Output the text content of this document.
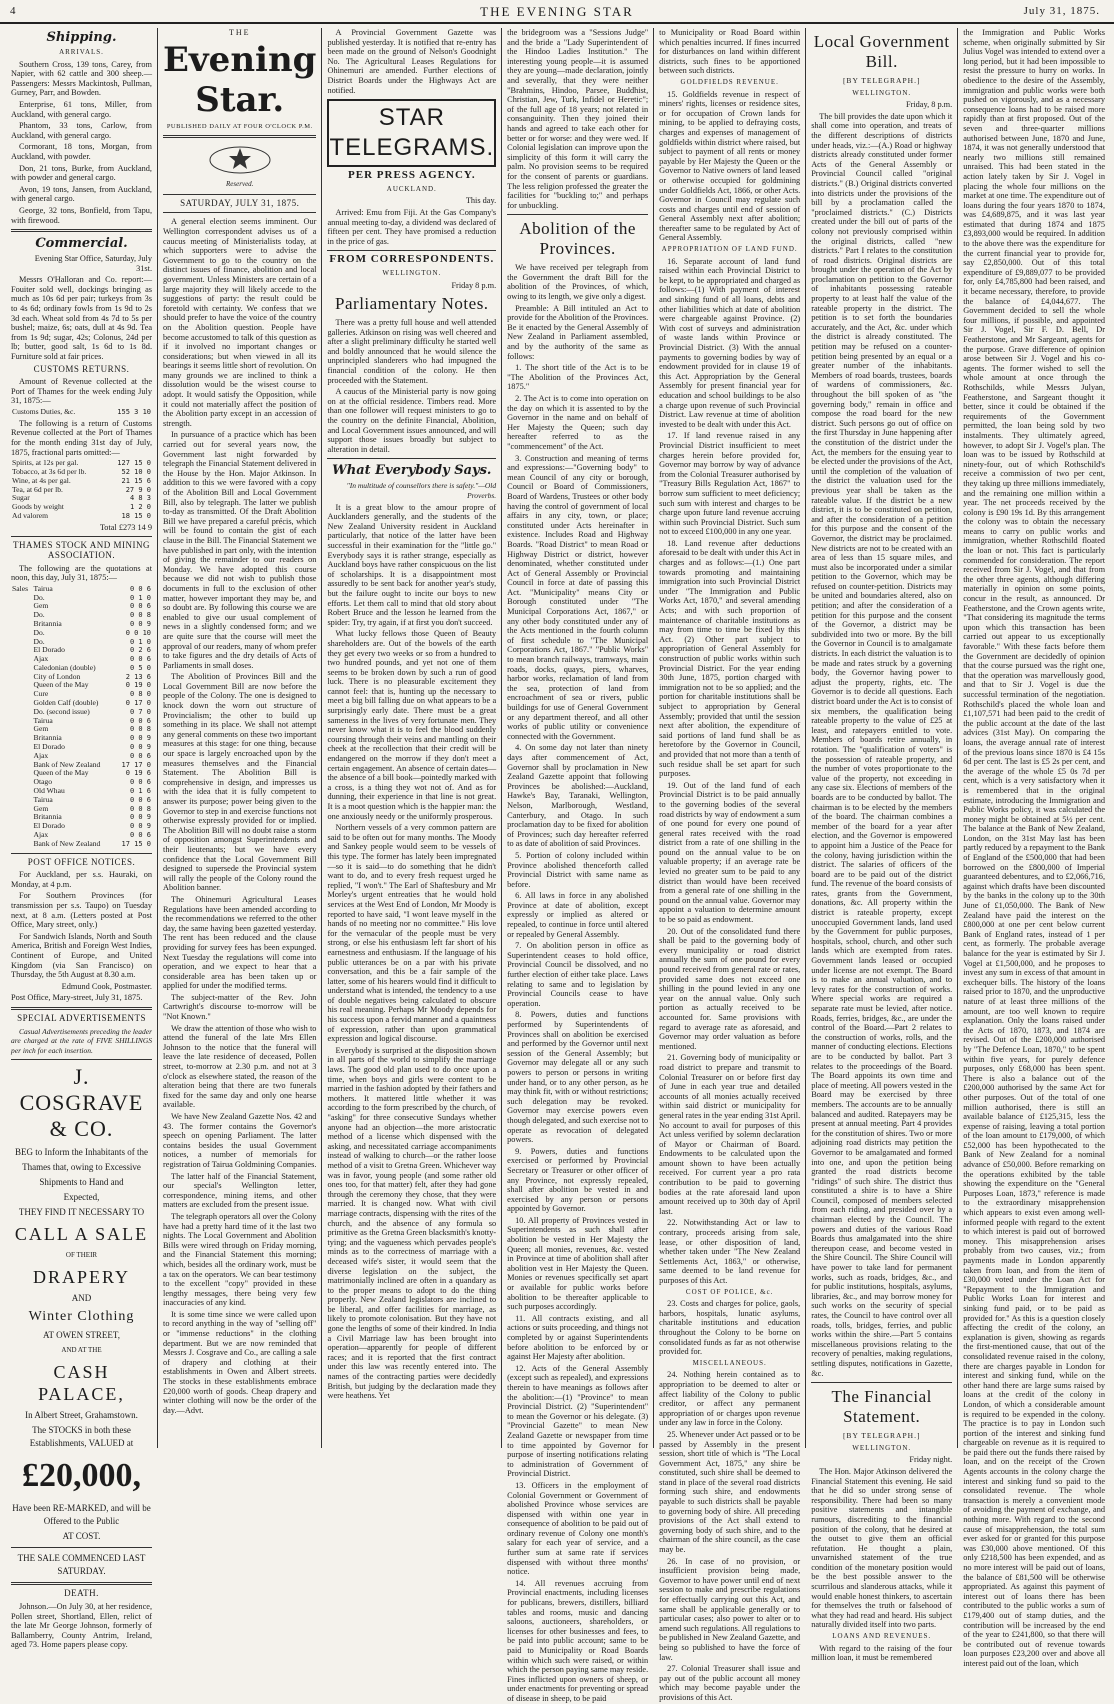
4	THE EVENING STAR	July 31, 1875.
Shipping.
ARRIVALS.

Southern Cross, 139 tons, Carey, from Napier, with 62 cattle and 300 sheep.—Passengers: Messrs Mackintosh, Pullman, Gurney, Parr, and Bowden.

Enterprise, 61 tons, Miller, from Auckland, with general cargo.

Phantom, 33 tons, Carlow, from Auckland, with general cargo.

Cormorant, 18 tons, Morgan, from Auckland, with powder.

Don, 21 tons, Burke, from Auckland, with powder and general cargo.

Avon, 19 tons, Jansen, from Auckland, with general cargo.

George, 32 tons, Bonfield, from Tapu, with firewood.

Commercial.

Evening Star Office, Saturday, July 31st.

Messrs O'Halloran and Co. report:—Fouiter sold well, dockings bringing as much as 10s 6d per pair; turkeys from 3s to 4s 6d; ordinary fowls from 1s 9d to 2s 3d each. Wheat sold from 4s 7d to 5s per bushel; maize, 6s; oats, dull at 4s 9d. Tea from 1s 9d; sugar, 42s; Colonus, 24d per lb; butter, good salt, 1s 6d to 1s 8d. Furniture sold at fair prices.

CUSTOMS RETURNS.

Amount of Revenue collected at the Port of Thames for the week ending July 31, 1875:—

Customs Duties, &c.	155 3 10

The following is a return of Customs Revenue collected at the Port of Thames for the month ending 31st day of July, 1875, fractional parts omitted:—

Spirits, at 12s per gal.	127 15 0
Tobacco, at 3s 6d per lb.	52 10 0
Wine, at 4s per gal.	21 15 6
Tea, at 6d per lb.	27 9 0
Sugar	4 8 3
Goods by weight	1 2 0
Ad valorem	18 15 0

Total £273 14 9

THAMES STOCK AND MINING ASSOCIATION.

The following are the quotations at noon, this day, July 31, 1875:—

Sales	Tairua	0 0 6
	Do.	0 1 0
	Gem	0 0 6
	Do.	0 0 8
	Britannia	0 0 9
	Do.	0 0 10
	Do.	0 1 0
	El Dorado	0 2 6
	Ajax	0 0 6
	Caledonian (double)	0 5 0
	City of London	2 13 6
	Queen of the May	0 19 0
	Cure	0 8 0
	Golden Calf (double)	0 17 0
	Do. (second issue)	0 7 0
	Tairua	0 0 6
	Gem	0 0 8
	Britannia	0 0 9
	El Dorado	0 0 9
	Ajax	0 0 6
	Bank of New Zealand	17 17 0
	Queen of the May	0 19 6
	Otago	0 0 6
	Old Whau	0 1 6
	Tairua	0 0 6
	Gem	0 0 8
	Britannia	0 0 9
	El Dorado	0 0 9
	Ajax	0 0 6
	Bank of New Zealand	17 15 0
POST OFFICE NOTICES.

For Auckland, per s.s. Hauraki, on Monday, at 4 p.m.

For Southern Provinces (for transmission per s.s. Taupo) on Tuesday next, at 8 a.m. (Letters posted at Post Office, Mary street, only.)

For Sandwich Islands, North and South America, British and Foreign West Indies, Continent of Europe, and United Kingdom (via San Francisco) on Thursday, the 5th August at 8.30 a.m.

Edmund Cook, Postmaster.

Post Office, Mary-street, July 31, 1875.

SPECIAL ADVERTISEMENTS

Casual Advertisements preceding the leader are charged at the rate of FIVE SHILLINGS per inch for each insertion.

J. COSGRAVE & CO.

BEG to Inform the Inhabitants of the

Thames that, owing to Excessive

Shipments to Hand and

Expected,

THEY FIND IT NECESSARY TO

CALL A SALE

OF THEIR

DRAPERY

AND

Winter Clothing

AT OWEN STREET,

AND AT THE

CASH PALACE,

In Albert Street, Grahamstown.

The STOCKS in both these Establishments, VALUED at

£20,000,

Have been RE-MARKED, and will be Offered to the Public

AT COST.

THE SALE COMMENCED LAST SATURDAY.

DEATH.

Johnson.—On July 30, at her residence, Pollen street, Shortland, Ellen, relict of the late Mr George Johnson, formerly of Ballamberry, County Antrim, Ireland, aged 73. Home papers please copy.

THE
Evening Star.
PUBLISHED DAILY AT FOUR O'CLOCK P.M.
Reserved.
SATURDAY, JULY 31, 1875.

A general election seems imminent. Our Wellington correspondent advises us of a caucus meeting of Ministerialists today, at which supporters were to advise the Government to go to the country on the distinct issues of finance, abolition and local government. Unless Ministers are certain of a large majority they will likely accede to the suggestions of party: the result could be foretold with certainty. We confess that we should prefer to have the voice of the country on the Abolition question. People have become accustomed to talk of this question as if it involved no important changes or considerations; but when viewed in all its bearings it seems little short of revolution. On many grounds we are inclined to think a dissolution would be the wisest course to adopt. It would satisfy the Opposition, while it could not materially affect the position of the Abolition party except in an accession of strength.

In pursuance of a practice which has been carried out for several years now, the Government last night forwarded by telegraph the Financial Statement delivered in the House by the Hon. Major Atkinson. In addition to this we were favored with a copy of the Abolition Bill and Local Government Bill, also by telegraph. The latter we publish to-day as transmitted. Of the Draft Abolition Bill we have prepared a careful précis, which will be found to contain the gist of each clause in the Bill. The Financial Statement we have published in part only, with the intention of giving the remainder to our readers on Monday. We have adopted this course because we did not wish to publish those documents in full to the exclusion of other matter, however important they may be, and so doubt are. By following this course we are enabled to give our usual complement of news in a slightly condensed form; and we are quite sure that the course will meet the approval of our readers, many of whom prefer to take figures and the dry details of Acts of Parliaments in small doses.

The Abolition of Provinces Bill and the Local Government Bill are now before the people of the Colony. The one is designed to knock down the worn out structure of Provincialism; the other to build up something in its place. We shall not attempt any general comments on these two important measures at this stage: for one thing, because our space is largely encroached upon by the measures themselves and the Financial Statement. The Abolition Bill is comprehensive in design, and impresses us with the idea that it is fully competent to answer its purpose; power being given to the Governor to step in and exercise functions not otherwise expressly provided for or implied. The Abolition Bill will no doubt raise a storm of opposition amongst Superintendents and their lieutenants; but we have every confidence that the Local Government Bill designed to supersede the Provincial system will rally the people of the Colony round the Abolition banner.

The Ohinemuri Agricultural Leases Regulations have been amended according to the recommendations we referred to the other day, the same having been gazetted yesterday. The rent has been reduced and the clause providing for survey fees has been expunged. Next Tuesday the regulations will come into operation, and we expect to hear that a considerable area has been taken up or applied for under the modified terms.

The subject-matter of the Rev. John Cartwright's discourse to-morrow will be "Not Known."

We draw the attention of those who wish to attend the funeral of the late Mrs Ellen Johnson to the notice that the funeral will leave the late residence of deceased, Pollen street, to-morrow at 2.30 p.m. and not at 3 o'clock as elsewhere stated, the reason of the alteration being that there are two funerals fixed for the same day and only one hearse available.

We have New Zealand Gazette Nos. 42 and 43. The former contains the Governor's speech on opening Parliament. The latter contains besides the usual Government notices, a number of memorials for registration of Tairua Goldmining Companies.

The latter half of the Financial Statement, our special's Wellington letter, correspondence, mining items, and other matters are excluded from the present issue.

The telegraph operators all over the Colony have had a pretty hard time of it the last two nights. The Local Government and Abolition Bills were wired through on Friday morning, and the Financial Statement this morning; which, besides all the ordinary work, must be a tax on the operators. We can bear testimony to the excellent "copy" provided in these lengthy messages, there being very few inaccuracies of any kind.

It is some time since we were called upon to record anything in the way of "selling off" or "immense reductions" in the clothing department. But we are now reminded that Messrs J. Cosgrave and Co., are calling a sale of drapery and clothing at their establishments in Owen and Albert streets. The stocks in these establishments embrace £20,000 worth of goods. Cheap drapery and winter clothing will now be the order of the day.—Advt.

A Provincial Government Gazette was published yesterday. It is notified that re-entry has been made on the ground of Nelson's Goodnight No. The Agricultural Leases Regulations for Ohinemuri are amended. Further elections of District Boards under the Highways Act are notified.

STAR TELEGRAMS.
PER PRESS AGENCY.
AUCKLAND.

This day.

Arrived: Emu from Fiji. At the Gas Company's annual meeting to-day, a dividend was declared of fifteen per cent. They have promised a reduction in the price of gas.

FROM CORRESPONDENTS.
WELLINGTON.

Friday 8 p.m.

Parliamentary Notes.

There was a pretty full house and well attended galleries. Atkinson on rising was well cheered and after a slight preliminary difficulty he started well and boldly announced that he would silence the unprincipled slanderers who had impugned the financial condition of the colony. He then proceeded with the Statement.

A caucus of the Ministerial party is now going on at the official residence. Timbers read. More than one follower will request ministers to go to the country on the definite Financial, Abolition, and Local Government issues announced, and will support those issues broadly but subject to alteration in detail.

What Everybody Says.

"In multitude of counsellors there is safety."—Old Proverbs.

It is a great blow to the amour propre of Aucklanders generally, and the students of the New Zealand University resident in Auckland particularly, that notice of the latter have been successful in their examination for the "little go." Everybody says it is rather strange, especially as Auckland boys have rather conspicuous on the list of scholarships. It is a disappointment most assuredly to be sent back for another year's study, but the failure ought to incite our boys to new efforts. Let them call to mind that old story about Robert Bruce and the lesson he learned from the spider: Try, try again, if at first you don't succeed.

What lucky fellows those Queen of Beauty shareholders are. Out of the bowels of the earth they get every two weeks or so from a hundred to two hundred pounds, and yet not one of them seems to be broken down by such a run of good luck. There is no pleasurable excitement they cannot feel: that is, hunting up the necessary to meet a big bill falling due on what appears to be a surprisingly early date. There must be a great sameness in the lives of very fortunate men. They never know what it is to feel the blood suddenly coursing through their veins and mantling on their cheek at the recollection that their credit will be endangered on the morrow if they don't meet a certain engagement. An absence of certain dates—the absence of a bill book—pointedly marked with a cross, is a thing they wot not of. And as for dunning, their experience in that line is not great. It is a moot question which is the happier man: the one anxiously needy or the uniformly prosperous.

Northern vessels of a very common pattern are said to be often out for many months. The Moody and Sankey people would seem to be vessels of this type. The former has lately been impregnated—so it is said—to do something that he didn't want to do, and to every fresh request urged he replied, "I won't." The Earl of Shaftesbury and Mr Morley's urgent entreaties that he would hold services at the West End of London, Mr Moody is reported to have said, "I wont leave myself in the hands of no meeting nor no committee." His love for the vernacular of the people must be very strong, or else his enthusiasm left far short of his earnestness and enthusiasm. If the language of his public utterances be on a par with his private conversation, and this be a fair sample of the latter, some of his hearers would find it difficult to understand what is intended, the tendency to a use of double negatives being calculated to obscure his real meaning. Perhaps Mr Moody depends for his success upon a fervid manner and a quaintness of expression, rather than upon grammatical expression and logical discourse.

Everybody is surprised at the disposition shown in all parts of the world to simplify the marriage laws. The good old plan used to do once upon a time, when boys and girls were content to be married in the fashion adopted by their fathers and mothers. It mattered little whether it was according to the form prescribed by the church, of "asking" for three consecutive Sundays whether anyone had an objection—the more aristocratic method of a license which dispensed with the asking, and necessitated carriage accompaniments instead of walking to church—or the rather loose method of a visit to Gretna Green. Whichever way was in favor, young people (and some rather old ones too, for that matter) felt, after they had gone through the ceremony they chose, that they were married. It is changed now. What with civil marriage contracts, dispensing with the rites of the church, and the absence of any formula so primitive as the Gretna Green blacksmith's knotty-tying; and the vagueness which pervades people's minds as to the correctness of marriage with a deceased wife's sister, it would seem that the diverse legislation on the subject, the matrimonially inclined are often in a quandary as to the proper means to adopt to do the thing properly. New Zealand legislators are inclined to be liberal, and offer facilities for marriage, as likely to promote colonisation. But they have not gone the lengths of some of their kindred. In India a Civil Marriage law has been brought into operation—apparently for people of different races; and it is reported that the first contract under this law was recently entered into. The names of the contracting parties were decidedly British, but judging by the declaration made they were heathens. Yet

the bridegroom was a "Sessions Judge" and the bride a "Lady Superintendent of the Hindoo Ladies Institution." The interesting young people—it is assumed they are young—made declaration, jointly and severally, that they were neither "Brahmins, Hindoo, Parsee, Buddhist, Christian, Jew, Turk, Infidel or Heretic"; of the full age of 18 years; not related in consanguinity. Then they joined their hands and agreed to take each other for better or for worse: and they were wed. If Colonial legislation can improve upon the simplicity of this form it will carry the palm. No provision seems to be required for the consent of parents or guardians. The less religion professed the greater the facilities for "buckling to;" and perhaps for unbuckling.

Abolition of the Provinces.

We have received per telegraph from the Government the draft Bill for the abolition of the Provinces, of which, owing to its length, we give only a digest.

Preamble: A Bill intituled an Act to provide for the Abolition of the Provinces. Be it enacted by the General Assembly of New Zealand in Parliament assembled, and by the authority of the same as follows:

1. The short title of the Act is to be "The Abolition of the Provinces Act, 1875."

2. The Act is to come into operation on the day on which it is assented to by the Governor in the name and on behalf of Her Majesty the Queen; such day hereafter referred to as the "commencement" of the Act.

3. Construction and meaning of terms and expressions:—"Governing body" to mean Council of any city or borough, Council or Board of Commissioners, Board of Wardens, Trustees or other body having the control of government of local affairs in any city, town, or place; constituted under Acts hereinafter in existence. Includes Road and Highway Boards. "Road District" to mean Road or Highway District or district, however denominated, whether constituted under Act of General Assembly or Provincial Council in force at date of passing this Act. "Municipality" means City or Borough constituted under "The Municipal Corporations Act, 1867," or any other body constituted under any of the Acts mentioned in the fourth column of first schedule to "The Municipal Corporations Act, 1867." "Public Works" to mean branch railways, tramways, main roads, docks, quays, piers, wharves, harbor works, reclamation of land from the sea, protection of land from encroachment of sea or rivers, public buildings for use of General Government or any department thereof, and all other works of public utility or convenience connected with the Government.

4. On some day not later than ninety days after commencement of Act, Governor shall by proclamation in New Zealand Gazette appoint that following Provinces be abolished:—Auckland, Hawke's Bay, Taranaki, Wellington, Nelson, Marlborough, Westland, Canterbury, and Otago. In such proclamation day to be fixed for abolition of Provinces; such day hereafter referred to as date of abolition of said Provinces.

5. Portion of colony included within Province abolished thenceforth called Provincial District with same name as before.

6. All laws in force in any abolished Province at date of abolition, except expressly or implied as altered or repealed, to continue in force until altered or repealed by General Assembly.

7. On abolition person in office as Superintendent ceases to hold office, Provincial Council be dissolved, and no further election of either take place. Laws relating to same and to legislation by Provincial Councils cease to have operation.

8. Powers, duties and functions performed by Superintendents of Provinces shall on abolition be exercised and performed by the Governor until next session of the General Assembly; but Governor may delegate all or any such powers to person or persons in writing under hand, or to any other person, as he may think fit, with or without restrictions; such delegation may be revoked. Governor may exercise powers even though delegated, and such exercise not to operate as revocation of delegated powers.

9. Powers, duties and functions exercised or performed by Provincial Secretary or Treasurer or other officer of any Province, not expressly repealed, shall after abolition be vested in and exercised by any person or persons appointed by Governor.

10. All property of Provinces vested in Superintendents as such shall after abolition be vested in Her Majesty the Queen; all monies, revenues, &c. vested in Province at time of abolition shall after abolition vest in Her Majesty the Queen. Monies or revenues specifically set apart or available for public works before abolition to be thereafter applicable to such purposes accordingly.

11. All contracts existing, and all actions or suits proceeding, and things not completed by or against Superintendents before abolition to be enforced by or against Her Majesty after abolition.

12. Acts of the General Assembly (except such as repealed), and expressions therein to have meanings as follows after the abolition:—(1) "Province" to mean Provincial District. (2) "Superintendent" to mean the Governor or his delegate. (3) "Provincial Gazette" to mean New Zealand Gazette or newspaper from time to time appointed by Governor for purpose of inserting notifications relating to administration of Government of Provincial District.

13. Officers in the employment of Colonial Government or Government of abolished Province whose services are dispensed with within one year in consequence of abolition to be paid out of ordinary revenue of Colony one month's salary for each year of service, and a further sum at same rate if services dispensed with without three months' notice.

14. All revenues accruing from Provincial enactments, including licenses for publicans, brewers, distillers, billiard tables and rooms, music and dancing saloons, auctioneers, shareholders, or licenses for other businesses and fees, to be paid into public account; same to be paid to Municipality or Road Boards within which such were raised, or within which the person paying same may reside. Fines inflicted upon owners of sheep, or under enactments for preventing or spread of disease in sheep, to be paid

to Municipality or Road Board within which penalties incurred. If fines incurred for disturbances on land within different districts, such fines to be apportioned between such districts.

GOLDFIELDS REVENUE.

15. Goldfields revenue in respect of miners' rights, licenses or residence sites, or for occupation of Crown lands for mining, to be applied to defraying costs, charges and expenses of management of goldfields within district where raised, but subject to payment of all rents or money payable by Her Majesty the Queen or the Governor to Native owners of land leased or otherwise occupied for goldmining under Goldfields Act, 1866, or other Acts. Governor in Council may regulate such costs and charges until end of session of General Assembly next after abolition; thereafter same to be regulated by Act of General Assembly.

APPROPRIATION OF LAND FUND.

16. Separate account of land fund raised within each Provincial District to be kept, to be appropriated and charged as follows:—(1) With payment of interest and sinking fund of all loans, debts and other liabilities which at date of abolition were chargeable against Province. (2) With cost of surveys and administration of waste lands within Province or Provincial District. (3) With the annual payments to governing bodies by way of endowment provided for in clause 19 of this Act. Appropriation by the General Assembly for present financial year for education and school buildings to be also a charge upon revenue of such Provincial District. Law revenue at time of abolition invested to be dealt with under this Act.

17. If land revenue raised in any Provincial District insufficient to meet charges herein before provided for, Governor may borrow by way of advance from the Colonial Treasurer authorised by "Treasury Bills Regulation Act, 1867" to borrow sum sufficient to meet deficiency; such sum with interest and charges to be charge upon future land revenue accruing within such Provincial District. Such sum not to exceed £100,000 in any one year.

18. Land revenue after deductions aforesaid to be dealt with under this Act in charges and as follows:—(1.) One part towards promoting and maintaining immigration into such Provincial District under "The Immigration and Public Works Act, 1870," and several amending Acts; and with such proportion of maintenance of charitable institutions as may from time to time be fixed by this Act. (2) Other part subject to appropriation of General Assembly for construction of public works within such Provincial District. For the year ending 30th June, 1875, portion charged with immigration not to be so applied; and the portion for charitable institutions shall be subject to appropriation by General Assembly; provided that until the session next after abolition, the expenditure of said portions of land fund shall be as heretofore by the Governor in Council, and provided that not more than a tenth of such residue shall be set apart for such purposes.

19. Out of the land fund of each Provincial District is to be paid annually to the governing bodies of the several road districts by way of endowment a sum of one pound for every one pound of general rates received with the road district from a rate of one shilling in the pound on the annual value to be on valuable property; if an average rate be levied no greater sum to be paid to any district than would have been received from a general rate of one shilling in the pound on the annual value. Governor may appoint a valuation to determine amount to be so paid as endowment.

20. Out of the consolidated fund there shall be paid to the governing body of every municipality or road district annually the sum of one pound for every pound received from general rate or rates, provided same does not exceed one shilling in the pound levied in any one year on the annual value. Only such portion as actually received to be accounted for. Same provisions with regard to average rate as aforesaid, and Governor may order valuation as before mentioned.

21. Governing body of municipality or road district to prepare and transmit to Colonial Treasurer on or before first day of June in each year true and detailed accounts of all monies actually received within said district or municipality for general rates in the year ending 31st April. No account to avail for purposes of this Act unless verified by solemn declaration of Mayor or Chairman of Board. Endowments to be calculated upon the amount shown to have been actually received. For current year a pro rata contribution to be paid to governing bodies at the rate aforesaid land upon amount received up to 30th day of April last.

22. Notwithstanding Act or law to contrary, proceeds arising from sale, lease, or other disposition of land, whether taken under "The New Zealand Settlements Act, 1863," or otherwise, same deemed to be land revenue for purposes of this Act.

COST OF POLICE, &c.

23. Costs and charges for police, gaols, harbors, hospitals, lunatic asylums, charitable institutions and education throughout the Colony to be borne on consolidated funds as far as not otherwise provided for.

MISCELLANEOUS.

24. Nothing herein contained as to appropriation to be deemed to alter or affect liability of the Colony to public creditor, or affect any permanent appropriation of or charges upon revenue under any law in force in the Colony.

25. Whenever under Act passed or to be passed by Assembly in the present session, short title of which is "The Local Government Act, 1875," any shire be constituted, such shire shall be deemed to stand in place of the several road districts forming such shire, and endowments payable to such districts shall be payable to governing body of shire. All preceding provisions of the Act shall extend to governing body of such shire, and to the chairman of the shire council, as the case may be.

26. In case of no provision, or insufficient provision being made, Governor to have power until end of next session to make and prescribe regulations for effectually carrying out this Act, and same shall be applicable generally or to particular cases; also power to alter or to amend such regulations. All regulations to be published in New Zealand Gazette, and being so published to have the force of law.

27. Colonial Treasurer shall issue and pay out of the public account all money which may become payable under the provisions of this Act.

Local Government Bill.
[BY TELEGRAPH.]
WELLINGTON.

Friday, 8 p.m.

The bill provides the date upon which it shall come into operation, and treats of the different descriptions of districts under heads, viz.:—(A.) Road or highway districts already constituted under former Acts of the General Assembly or Provincial Council called "original districts." (B.) Original districts converted into districts under the provisions of the bill by a proclamation called the "proclaimed districts." (C.) Districts created under the bill out of parts of the colony not previously comprised within the original districts, called "new districts." Part I relates to the constitution of road districts. Original districts are brought under the operation of the Act by proclamation on petition to the Governor of inhabitants possessing rateable property to at least half the value of the rateable property in the district. The petition is to set forth the boundaries accurately, and the Act, &c. under which the district is already constituted. The petition may be refused on a counter-petition being presented by an equal or a greater number of the inhabitants. Members of road boards, trustees, boards of wardens of commissioners, &c. throughout the bill spoken of as "the governing body," remain in office and compose the road board for the new district. Such persons go out of office on the first Thursday in June happening after the constitution of the district under the Act, the members for the ensuing year to be elected under the provisions of the Act, until the completion of the valuation of the district the valuation used for the previous year shall be taken as the rateable value. If the district be a new district, it is to be constituted on petition, and after the consideration of a petition for this purpose and the consent of the Governor, the district may be proclaimed. New districts are not to be created with an area of less than 15 square miles, and must also be incorporated under a similar petition to the Governor, which may be refused on counter-petition. Districts may be united and boundaries altered, also on petition; and after the consideration of a petition for this purpose and the consent of the Governor, a district may be subdivided into two or more. By the bill the Governor in Council is to amalgamate districts. In each district the valuation is to be made and rates struck by a governing body, the Governor having power to adjust the property, rights, etc. The Governor is to decide all questions. Each district board under the Act is to consist of six members, the qualification being rateable property to the value of £25 at least, and ratepayers entitled to vote. Members of boards retire annually, in rotation. The "qualification of voters" is the possession of rateable property, and the number of votes proportionate to the value of the property, not exceeding in any case six. Elections of members of the boards are to be conducted by ballot. The chairman is to be elected by the members of the board. The chairman combines a member of the board for a year after election, and the Governor is empowered to appoint him a Justice of the Peace for the colony, having jurisdiction within the district. The salaries of officers of the board are to be paid out of the district fund. The revenue of the board consists of rates, grants from the Government, donations, &c. All property within the district is rateable property, except unoccupied Government lands, land used by the Government for public purposes, hospitals, school, church, and other such lands which are exempted from rates. Government lands leased or occupied under license are not exempt. The Board is to make an annual valuation, and to levy rates for the construction of works. Where special works are required a separate rate must be levied, after notice. Roads, ferries, bridges, &c., are under the control of the Board.—Part 2 relates to the construction of works, rolls, and the manner of conducting elections. Elections are to be conducted by ballot. Part 3 relates to the proceedings of the Board. The Board appoints its own time and place of meeting. All powers vested in the Board may be exercised by three members. The accounts are to be annually balanced and audited. Ratepayers may be present at annual meeting. Part 4 provides for the constitution of shires. Two or more adjoining road districts may petition the Governor to be amalgamated and formed into one, and upon the petition being granted the road districts become "ridings" of such shire. The district thus constituted a shire is to have a Shire Council, composed of members selected from each riding, and presided over by a chairman elected by the Council. The powers and duties of the various Road Boards thus amalgamated into the shire thereupon cease, and become vested in the Shire Council. The Shire Council will have power to take land for permanent works, such as roads, bridges, &c., and for public institutions, hospitals, asylums, libraries, &c., and may borrow money for such works on the security of special rates, the Council to have control over all roads, tolls, bridges, ferries, and public works within the shire.—Part 5 contains miscellaneous provisions relating to the recovery of penalties, making regulations, settling disputes, notifications in Gazette, &c.

The Financial Statement.
[BY TELEGRAPH.]
WELLINGTON.

Friday night.

The Hon. Major Atkinson delivered the Financial Statement this evening. He said that he did so under strong sense of responsibility. There had been so many positive statements and intangible rumours, discrediting to the financial position of the colony, that he desired at the outset to give them an official refutation. He thought a plain, unvarnished statement of the true condition of the monetary position would be the best possible answer to the scurrilous and slanderous attacks, while it would enable honest thinkers, to ascertain for themselves the truth or falsehood of what they had read and heard. His subject naturally divided itself into two parts.

LOANS AND REVENUES.

With regard to the raising of the four million loan, it must be remembered

the Immigration and Public Works scheme, when originally submitted by Sir Julius Vogel was intended to extend over a long period, but it had been impossible to resist the pressure to hurry on works. In obedience to the desire of the Assembly, immigration and public works were both pushed on vigorously, and as a necessary consequence loans had to be raised more rapidly than at first proposed. Out of the seven and three-quarter millions authorised between June, 1870 and June, 1874, it was not generally understood that nearly two millions still remained unraised. This had been stated in the action lately taken by Sir J. Vogel in placing the whole four millions on the market at one time. The expenditure out of loans during the four years 1870 to 1874, was £4,689,875, and it was last year estimated that during 1874 and 1875 £3,893,000 would be required. In addition to the above there was the expenditure for the current financial year to provide for, say £2,850,000. Out of this total expenditure of £9,889,077 to be provided for, only £4,785,800 had been raised, and it became necessary, therefore, to provide the balance of £4,044,677. The Government decided to sell the whole four millions, if possible, and appointed Sir J. Vogel, Sir F. D. Bell, Dr Featherstone, and Mr Sargeant, agents for the purpose. Grave difference of opinion arose between Sir J. Vogel and his co-agents. The former wished to sell the whole amount at once through the Rothschilds, while Messrs Julyan, Featherstone, and Sargeant thought it better, since it could be obtained if the requirements of the Government permitted, the loan being sold by two instalments. They ultimately agreed, however, to adopt Sir J. Vogel's plan. The loan was to be issued by Rothschild at ninety-four, out of which Rothschild's receive a commission of two per cent, they taking up three millions immediately, and the remaining one million within a year. The net proceeds received by the colony is £90 19s 1d. By this arrangement the colony was to obtain the necessary means to carry on public works and immigration, whether Rothschild floated the loan or not. This fact is particularly commended for consideration. The report received from Sir J. Vogel, and that from the other three agents, although differing materially in opinion on some points, concur in the result, as announced. Dr Featherstone, and the Crown agents write, "That considering its magnitude the terms upon which this transaction has been carried out appear to us exceptionally favorable." With these facts before them the Government are decidedly of opinion that the course pursued was the right one, that the operation was marvellously good, and that to Sir J. Vogel is due the successful termination of the negotiation. Rothschild's placed the whole loan and £1,107,571 had been paid to the credit of the public account at the date of the last advices (31st May). On comparing the loans, the average annual rate of interest of the previous loans since 1870 is £4 15s 6d per cent. The last is £5 2s per cent, and the average of the whole £5 0s 7d per cent, which is a very satisfactory when it is remembered that in the original estimate, introducing the Immigration and Public Works policy, it was calculated the money might be obtained at 5½ per cent. The balance at the Bank of New Zealand, London, on the 31st May last has been partly reduced by a repayment to the Bank of England of the £500,000 that had been borrowed on the £800,000 of Imperial guaranteed debentures, and to £2,066,716, against which drafts have been discounted by the banks in the colony up to the 30th June of £1,050,000. The Bank of New Zealand have paid the interest on the £800,000 at one per cent below current Bank of England rates, instead of 1 per cent, as formerly. The probable average balance for the year is estimated by Sir J. Vogel at £1,500,000, and he proposes to invest any sum in excess of that amount in exchequer bills. The history of the loans raised prior to 1870, and the unproductive nature of at least three millions of the amount, are too well known to require explanation. Only the loans raised under the Acts of 1870, 1873, and 1874 are revised. Out of the £200,000 authorised by "The Defence Loan, 1870," to be spent within five years, for purely defence purposes, only £68,000 has been spent. There is also a balance out of the £200,000 authorised by the same Act for other purposes. Out of the total of one million authorised, there is still an available balance of £125,315, less the expense of raising, leaving a total portion of the loan amount to £179,000, of which £52,000 has been hypothecated to the Bank of New Zealand for a nominal advance of £50,000. Before remarking on the operations exhibited by the table showing the expenditure on the "General Purposes Loan, 1873," reference is made to the extraordinary misapprehension which appears to exist even among well-informed people with regard to the extent to which interest is paid out of borrowed money. This misapprehension arises probably from two causes, viz.; from payments made in London apparently taken from loan, and from the item of £30,000 voted under the Loan Act for "Repayment to the Immigration and Public Works Loan for interest and sinking fund paid, or to be paid as provided for." As this is a question closely affecting the credit of the colony, an explanation is given, showing as regards the first-mentioned cause, that out of the consolidated revenue raised in the colony, there are charges payable in London for interest and sinking fund, while on the other hand there are large sums raised by loans at the credit of the colony in London, of which a considerable amount is required to be expended in the colony. The practice is to pay in London such portion of the interest and sinking fund chargeable on revenue as it is required to be paid there out the funds there raised by loan, and on the receipt of the Crown Agents accounts in the colony charge the interest and sinking fund so paid to the consolidated revenue. The whole transaction is merely a convenient mode of avoiding the payment of exchange, and nothing more. With regard to the second cause of misapprehension, the total sum ever asked for or granted for this purpose was £30,000 above mentioned. Of this only £218,500 has been expended, and as no more interest will be paid out of loans, the balance of £81,500 will be otherwise appropriated. As against this payment of interest out of loans there has been contributed to the public works a sum of £179,400 out of stamp duties, and the contribution will be increased by the end of the year to £241,800, so that there will be contributed out of revenue towards loan purposes £23,200 over and above all interest paid out of the loan, which
